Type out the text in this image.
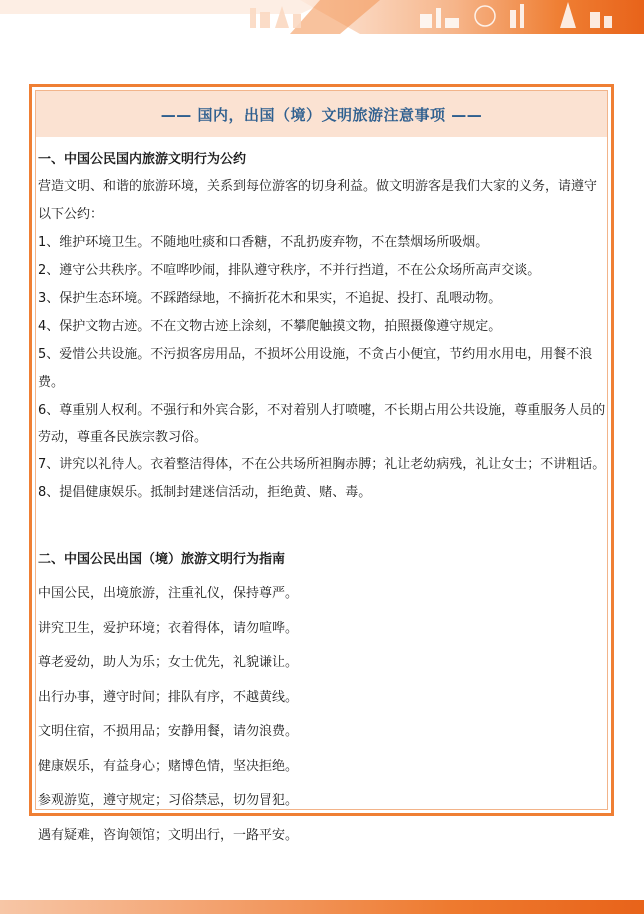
—— 国内，出国（境）文明旅游注意事项 ——

一、中国公民国内旅游文明行为公约

营造文明、和谐的旅游环境，关系到每位游客的切身利益。做文明游客是我们大家的义务，请遵守以下公约：

1、维护环境卫生。不随地吐痰和口香糖，不乱扔废弃物，不在禁烟场所吸烟。

2、遵守公共秩序。不喧哗吵闹，排队遵守秩序，不并行挡道，不在公众场所高声交谈。

3、保护生态环境。不踩踏绿地，不摘折花木和果实，不追捉、投打、乱喂动物。

4、保护文物古迹。不在文物古迹上涂刻，不攀爬触摸文物，拍照摄像遵守规定。

5、爱惜公共设施。不污损客房用品，不损坏公用设施，不贪占小便宜，节约用水用电，用餐不浪费。

6、尊重别人权利。不强行和外宾合影，不对着别人打喷嚏，不长期占用公共设施，尊重服务人员的劳动，尊重各民族宗教习俗。

7、讲究以礼待人。衣着整洁得体，不在公共场所袒胸赤膊；礼让老幼病残，礼让女士；不讲粗话。

8、提倡健康娱乐。抵制封建迷信活动，拒绝黄、赌、毒。

二、中国公民出国（境）旅游文明行为指南

中国公民，出境旅游，注重礼仪，保持尊严。

讲究卫生，爱护环境；衣着得体，请勿喧哗。

尊老爱幼，助人为乐；女士优先，礼貌谦让。

出行办事，遵守时间；排队有序，不越黄线。

文明住宿，不损用品；安静用餐，请勿浪费。

健康娱乐，有益身心；赌博色情，坚决拒绝。

参观游览，遵守规定；习俗禁忌，切勿冒犯。

遇有疑难，咨询领馆；文明出行，一路平安。
